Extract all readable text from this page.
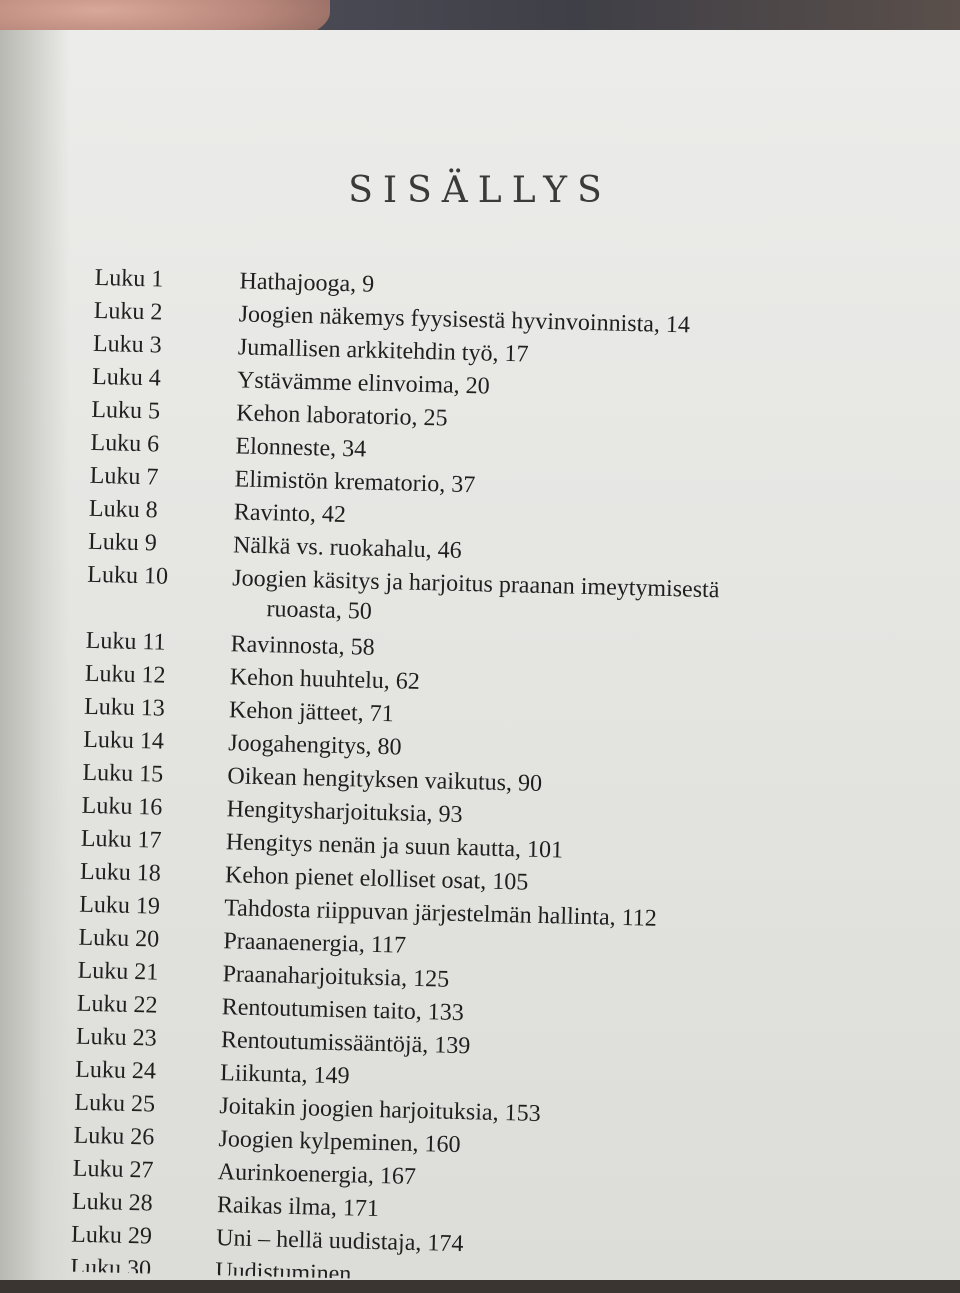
SISÄLLYS
Luku 1	Hathajooga, 9
Luku 2	Joogien näkemys fyysisestä hyvinvoinnista, 14
Luku 3	Jumallisen arkkitehdin työ, 17
Luku 4	Ystävämme elinvoima, 20
Luku 5	Kehon laboratorio, 25
Luku 6	Elonneste, 34
Luku 7	Elimistön krematorio, 37
Luku 8	Ravinto, 42
Luku 9	Nälkä vs. ruokahalu, 46
Luku 10	Joogien käsitys ja harjoitus praanan imeytymisestä
ruoasta, 50
Luku 11	Ravinnosta, 58
Luku 12	Kehon huuhtelu, 62
Luku 13	Kehon jätteet, 71
Luku 14	Joogahengitys, 80
Luku 15	Oikean hengityksen vaikutus, 90
Luku 16	Hengitysharjoituksia, 93
Luku 17	Hengitys nenän ja suun kautta, 101
Luku 18	Kehon pienet elolliset osat, 105
Luku 19	Tahdosta riippuvan järjestelmän hallinta, 112
Luku 20	Praanaenergia, 117
Luku 21	Praanaharjoituksia, 125
Luku 22	Rentoutumisen taito, 133
Luku 23	Rentoutumissääntöjä, 139
Luku 24	Liikunta, 149
Luku 25	Joitakin joogien harjoituksia, 153
Luku 26	Joogien kylpeminen, 160
Luku 27	Aurinkoenergia, 167
Luku 28	Raikas ilma, 171
Luku 29	Uni – hellä uudistaja, 174
Luku 30	Uudistuminen
